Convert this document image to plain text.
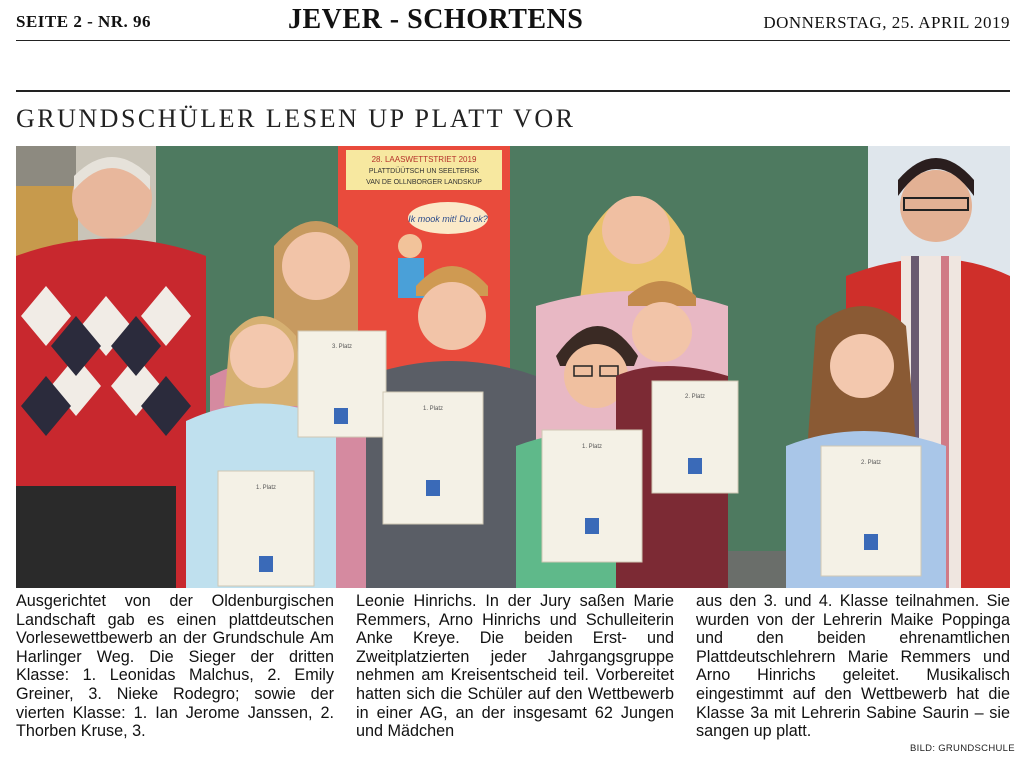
SEITE 2 - NR. 96	JEVER - SCHORTENS	DONNERSTAG, 25. APRIL 2019
GRUNDSCHÜLER LESEN UP PLATT VOR
28. LAASWETTSTRIET 2019
PLATTDÜÜTSCH UN SEELTERSK
VAN DE OLLNBORGER LANDSKUP
Ik mook mit! Du ok?
3. Platz
1. Platz
1. Platz
1. Platz
2. Platz
2. Platz
Ausgerichtet von der Oldenburgischen Landschaft gab es einen plattdeutschen Vorlesewettbewerb an der Grundschule Am Harlinger Weg. Die Sieger der dritten Klasse: 1. Leonidas Malchus, 2. Emily Greiner, 3. Nieke Rodegro; sowie der vierten Klasse: 1. Ian Jerome Janssen, 2. Thorben Kruse, 3.
Leonie Hinrichs. In der Jury saßen Marie Remmers, Arno Hinrichs und Schulleiterin Anke Kreye. Die beiden Erst- und Zweitplatzierten jeder Jahrgangsgruppe nehmen am Kreisentscheid teil. Vorbereitet hatten sich die Schüler auf den Wettbewerb in einer AG, an der insgesamt 62 Jungen und Mädchen
aus den 3. und 4. Klasse teilnahmen. Sie wurden von der Lehrerin Maike Poppinga und den beiden ehrenamtlichen Plattdeutschlehrern Marie Remmers und Arno Hinrichs geleitet. Musikalisch eingestimmt auf den Wettbewerb hat die Klasse 3a mit Lehrerin Sabine Saurin – sie sangen up platt.
BILD: GRUNDSCHULE
